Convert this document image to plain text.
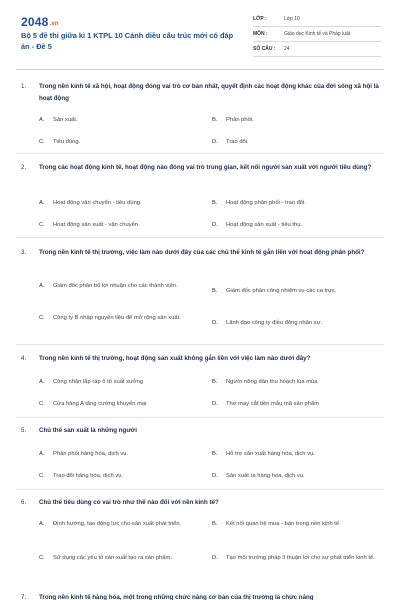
2048.vn
Bộ 5 đề thi giữa kì 1 KTPL 10 Cánh diều cấu trúc mới có đáp án - Đề 5
LỚP :	Lớp 10
MÔN :	Giáo dục Kinh tế và Pháp luật
SỐ CÂU :	24
1. Trong nền kinh tế xã hội, hoạt động đóng vai trò cơ bản nhất, quyết định các hoạt động khác của đời sống xã hội là hoạt động
A. Sản xuất.	B. Phân phối.
C. Tiêu dùng.	D. Trao đổi.
2. Trong các hoạt động kinh tế, hoạt động nào đóng vai trò trung gian, kết nối người sản xuất với người tiêu dùng?
A. Hoạt động vận chuyển - tiêu dùng.	B. Hoạt động phân phối - trao đổi.
C. Hoạt động sản xuất - vận chuyển.	D. Hoạt động sản xuất - tiêu thụ.
3. Trong nền kinh tế thị trường, việc làm nào dưới đây của các chủ thể kinh tế gắn liền với hoạt động phân phối?
A. Giám đốc phân bổ lợi nhuận cho các thành viên.
B. Giám đốc phân công nhiệm vụ các ca trực.
C. Công ty B nhập nguyên liệu để mở rộng sản xuất.
D. Lãnh đạo công ty điều động nhân sự.
4. Trong nền kinh tế thị trường, hoạt động sản xuất không gắn liền với việc làm nào dưới đây?
A. Công nhân lắp ráp ô tô xuất xưởng	B. Người nông dân thu hoạch lúa mùa
C. Cửa hàng A tăng cường khuyến mại	D. Thợ may cắt tiền mẫu mã sản phẩm
5. Chủ thể sản xuất là những người
A. Phân phối hàng hóa, dịch vụ.	B. Hỗ trợ sản xuất hàng hóa, dịch vụ.
C. Trao đổi hàng hóa, dịch vụ.	D. Sản xuất ra hàng hóa, dịch vụ.
6. Chủ thể tiêu dùng có vai trò như thế nào đối với nền kinh tế?
A. Định hướng, tạo động lực cho sản xuất phát triển.	B. Kết nối quan hệ mua - bán trong nền kinh tế.
C. Sử dụng các yếu tố sản xuất tạo ra sản phẩm.	D. Tạo môi trường pháp lí thuận lợi cho sự phát triển kinh tế.
7. Trong nền kinh tế hàng hóa, một trong những chức năng cơ bản của thị trường là chức năng
